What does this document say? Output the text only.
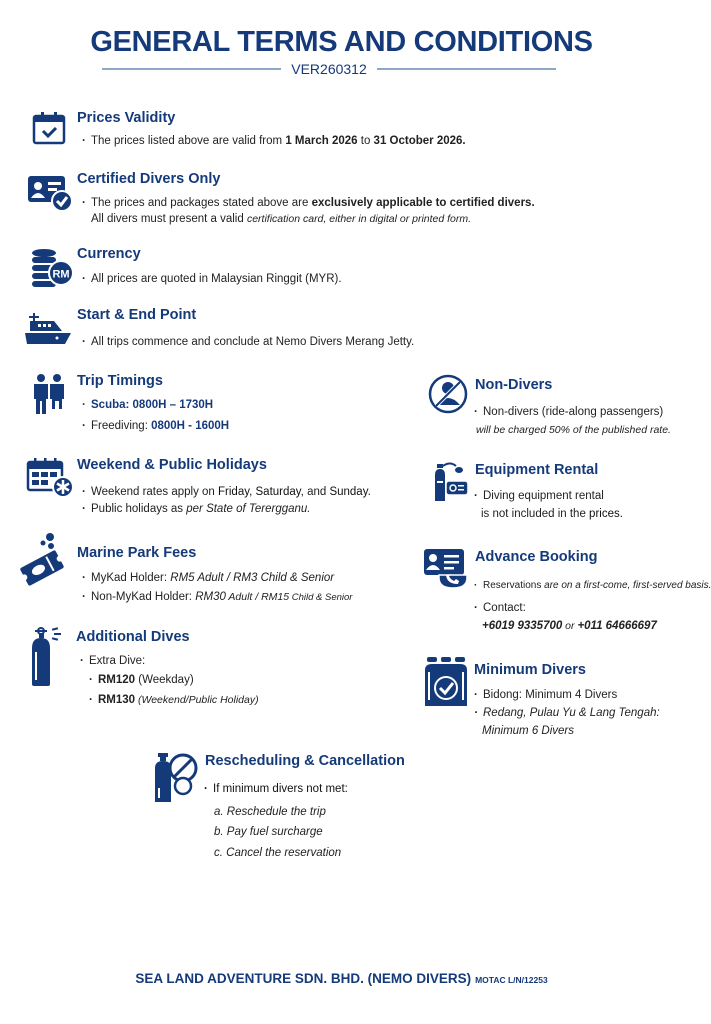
GENERAL TERMS AND CONDITIONS
VER260312
Prices Validity
· The prices listed above are valid from 1 March 2026 to 31 October 2026.
Certified Divers Only
· The prices and packages stated above are exclusively applicable to certified divers.
All divers must present a valid certification card, either in digital or printed form.
RM
Currency
· All prices are quoted in Malaysian Ringgit (MYR).
Start & End Point
· All trips commence and conclude at Nemo Divers Merang Jetty.
Trip Timings
· Scuba: 0800H – 1730H
· Freediving: 0800H - 1600H
Weekend & Public Holidays
· Weekend rates apply on Friday, Saturday, and Sunday.
· Public holidays as per State of Terergganu.
Marine Park Fees
· MyKad Holder: RM5 Adult / RM3 Child & Senior
· Non-MyKad Holder: RM30 Adult / RM15 Child & Senior
Additional Dives
· Extra Dive:
· RM120 (Weekday)
· RM130 (Weekend/Public Holiday)
Non-Divers
· Non-divers (ride-along passengers)
will be charged 50% of the published rate.
Equipment Rental
· Diving equipment rental
is not included in the prices.
Advance Booking
· Reservations are on a first-come, first-served basis.
· Contact:
+6019 9335700 or +011 64666697
Minimum Divers
· Bidong: Minimum 4 Divers
· Redang, Pulau Yu & Lang Tengah:
Minimum 6 Divers
Rescheduling & Cancellation
· If minimum divers not met:
a. Reschedule the trip
b. Pay fuel surcharge
c. Cancel the reservation
SEA LAND ADVENTURE SDN. BHD. (NEMO DIVERS) MOTAC L/N/12253
